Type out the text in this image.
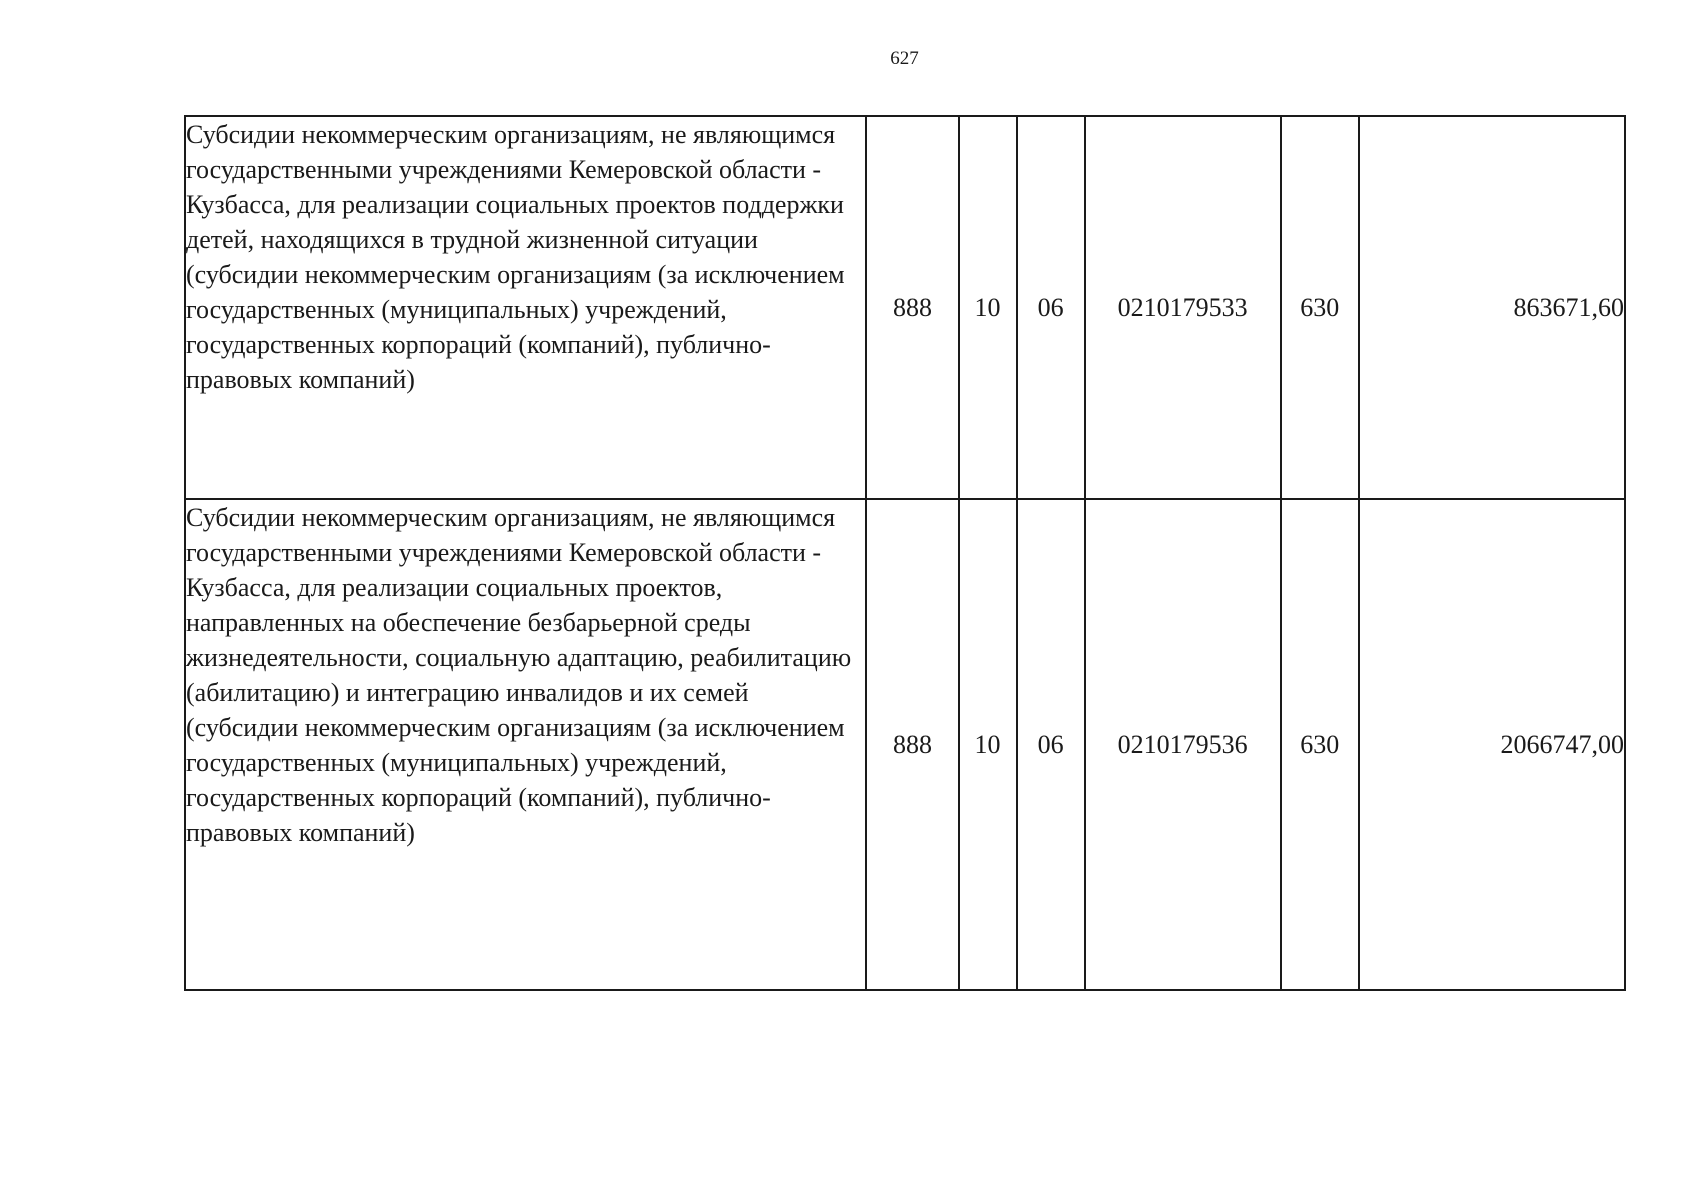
627
Субсидии некоммерческим организациям, не являющимся государственными учреждениями Кемеровской области - Кузбасса, для реализации социальных проектов поддержки детей, находящихся в трудной жизненной ситуации (субсидии некоммерческим организациям (за исключением государственных (муниципальных) учреждений, государственных корпораций (компаний), публично-правовых компаний)	888	10	06	0210179533	630	863671,60
Субсидии некоммерческим организациям, не являющимся государственными учреждениями Кемеровской области - Кузбасса, для реализации социальных проектов, направленных на обеспечение безбарьерной среды жизнедеятельности, социальную адаптацию, реабилитацию (абилитацию) и интеграцию инвалидов и их семей (субсидии некоммерческим организациям (за исключением государственных (муниципальных) учреждений, государственных корпораций (компаний), публично-правовых компаний)	888	10	06	0210179536	630	2066747,00
